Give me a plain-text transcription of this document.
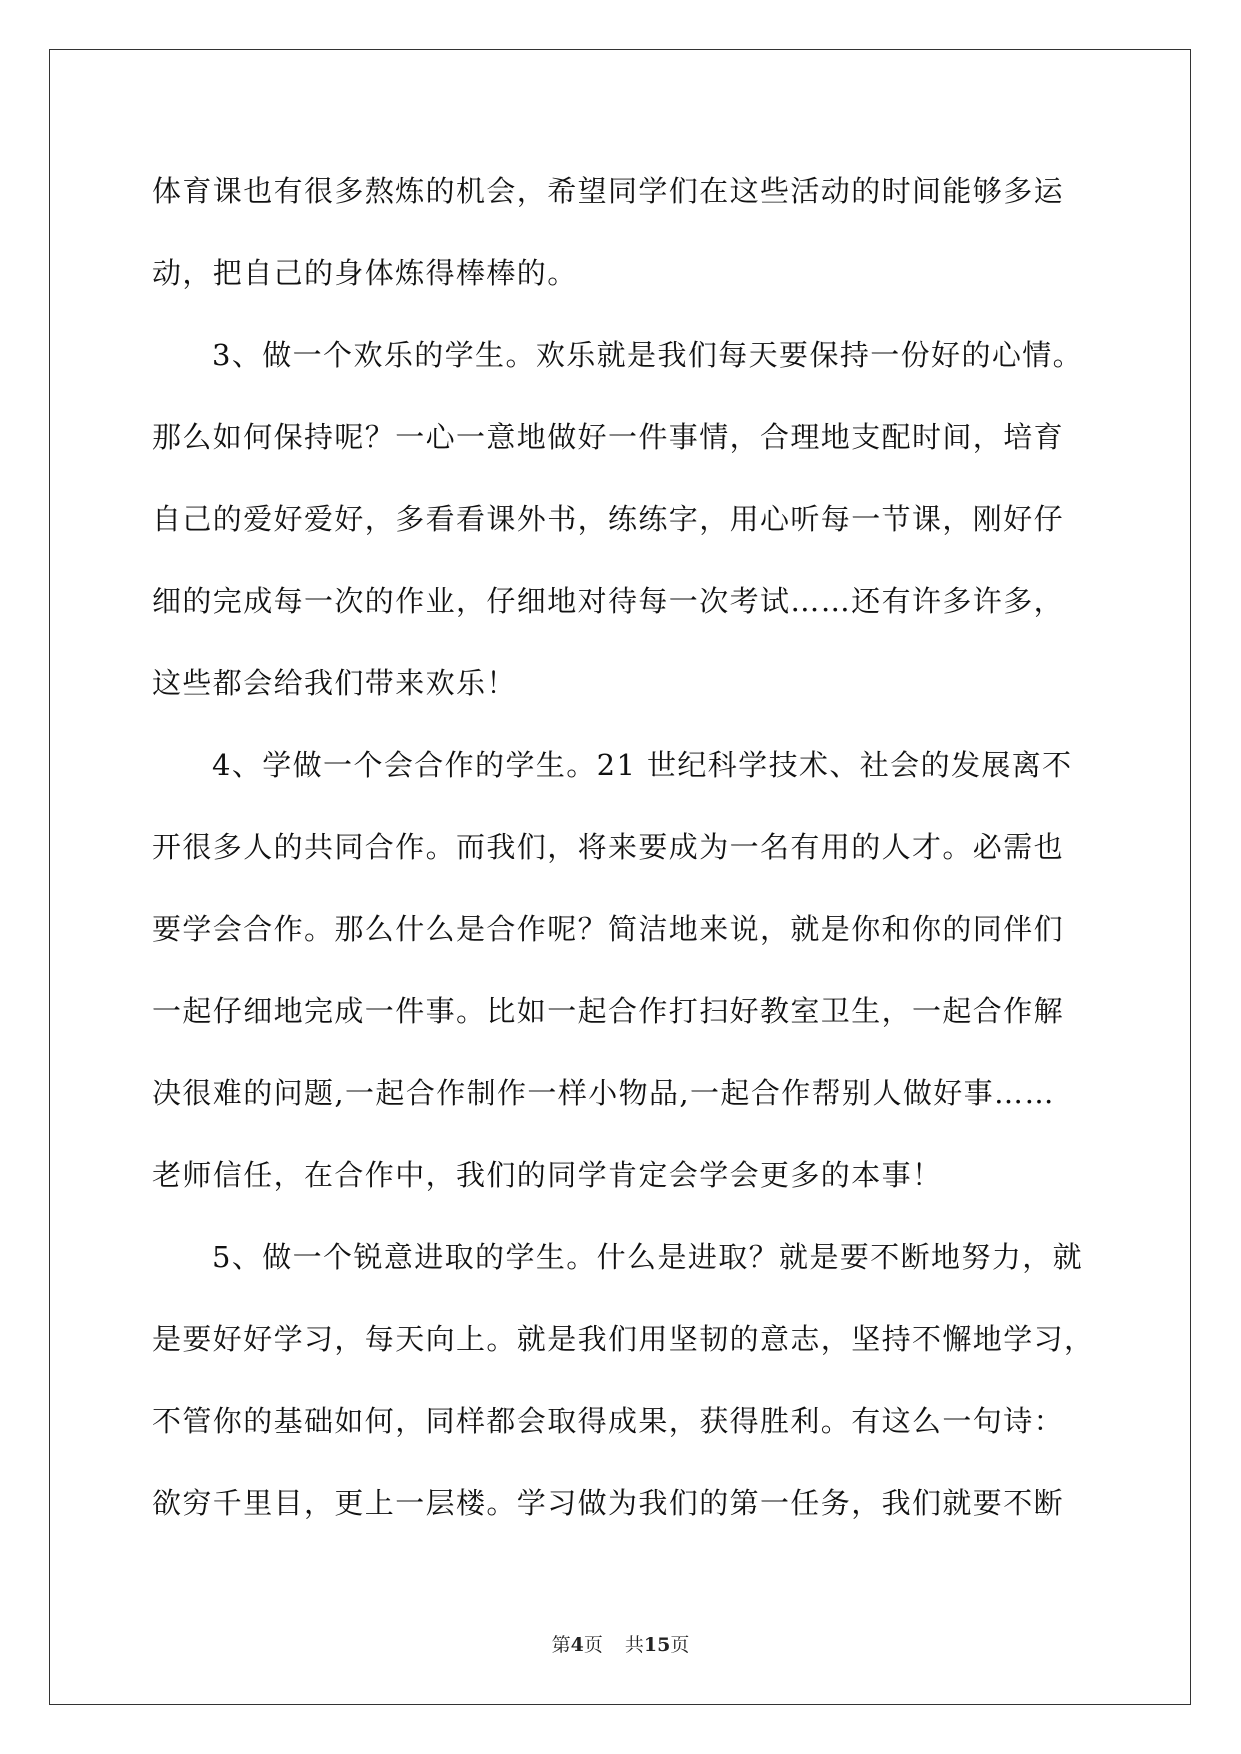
体育课也有很多熬炼的机会，希望同学们在这些活动的时间能够多运
动，把自己的身体炼得棒棒的。
3、做一个欢乐的学生。欢乐就是我们每天要保持一份好的心情。
那么如何保持呢？一心一意地做好一件事情，合理地支配时间，培育
自己的爱好爱好，多看看课外书，练练字，用心听每一节课，刚好仔
细的完成每一次的作业，仔细地对待每一次考试……还有许多许多，
这些都会给我们带来欢乐！
4、学做一个会合作的学生。21 世纪科学技术、社会的发展离不
开很多人的共同合作。而我们，将来要成为一名有用的人才。必需也
要学会合作。那么什么是合作呢？简洁地来说，就是你和你的同伴们
一起仔细地完成一件事。比如一起合作打扫好教室卫生，一起合作解
决很难的问题,一起合作制作一样小物品,一起合作帮别人做好事……
老师信任，在合作中，我们的同学肯定会学会更多的本事！
5、做一个锐意进取的学生。什么是进取？就是要不断地努力，就
是要好好学习，每天向上。就是我们用坚韧的意志，坚持不懈地学习，
不管你的基础如何，同样都会取得成果，获得胜利。有这么一句诗：
欲穷千里目，更上一层楼。学习做为我们的第一任务，我们就要不断
第4页 共15页
